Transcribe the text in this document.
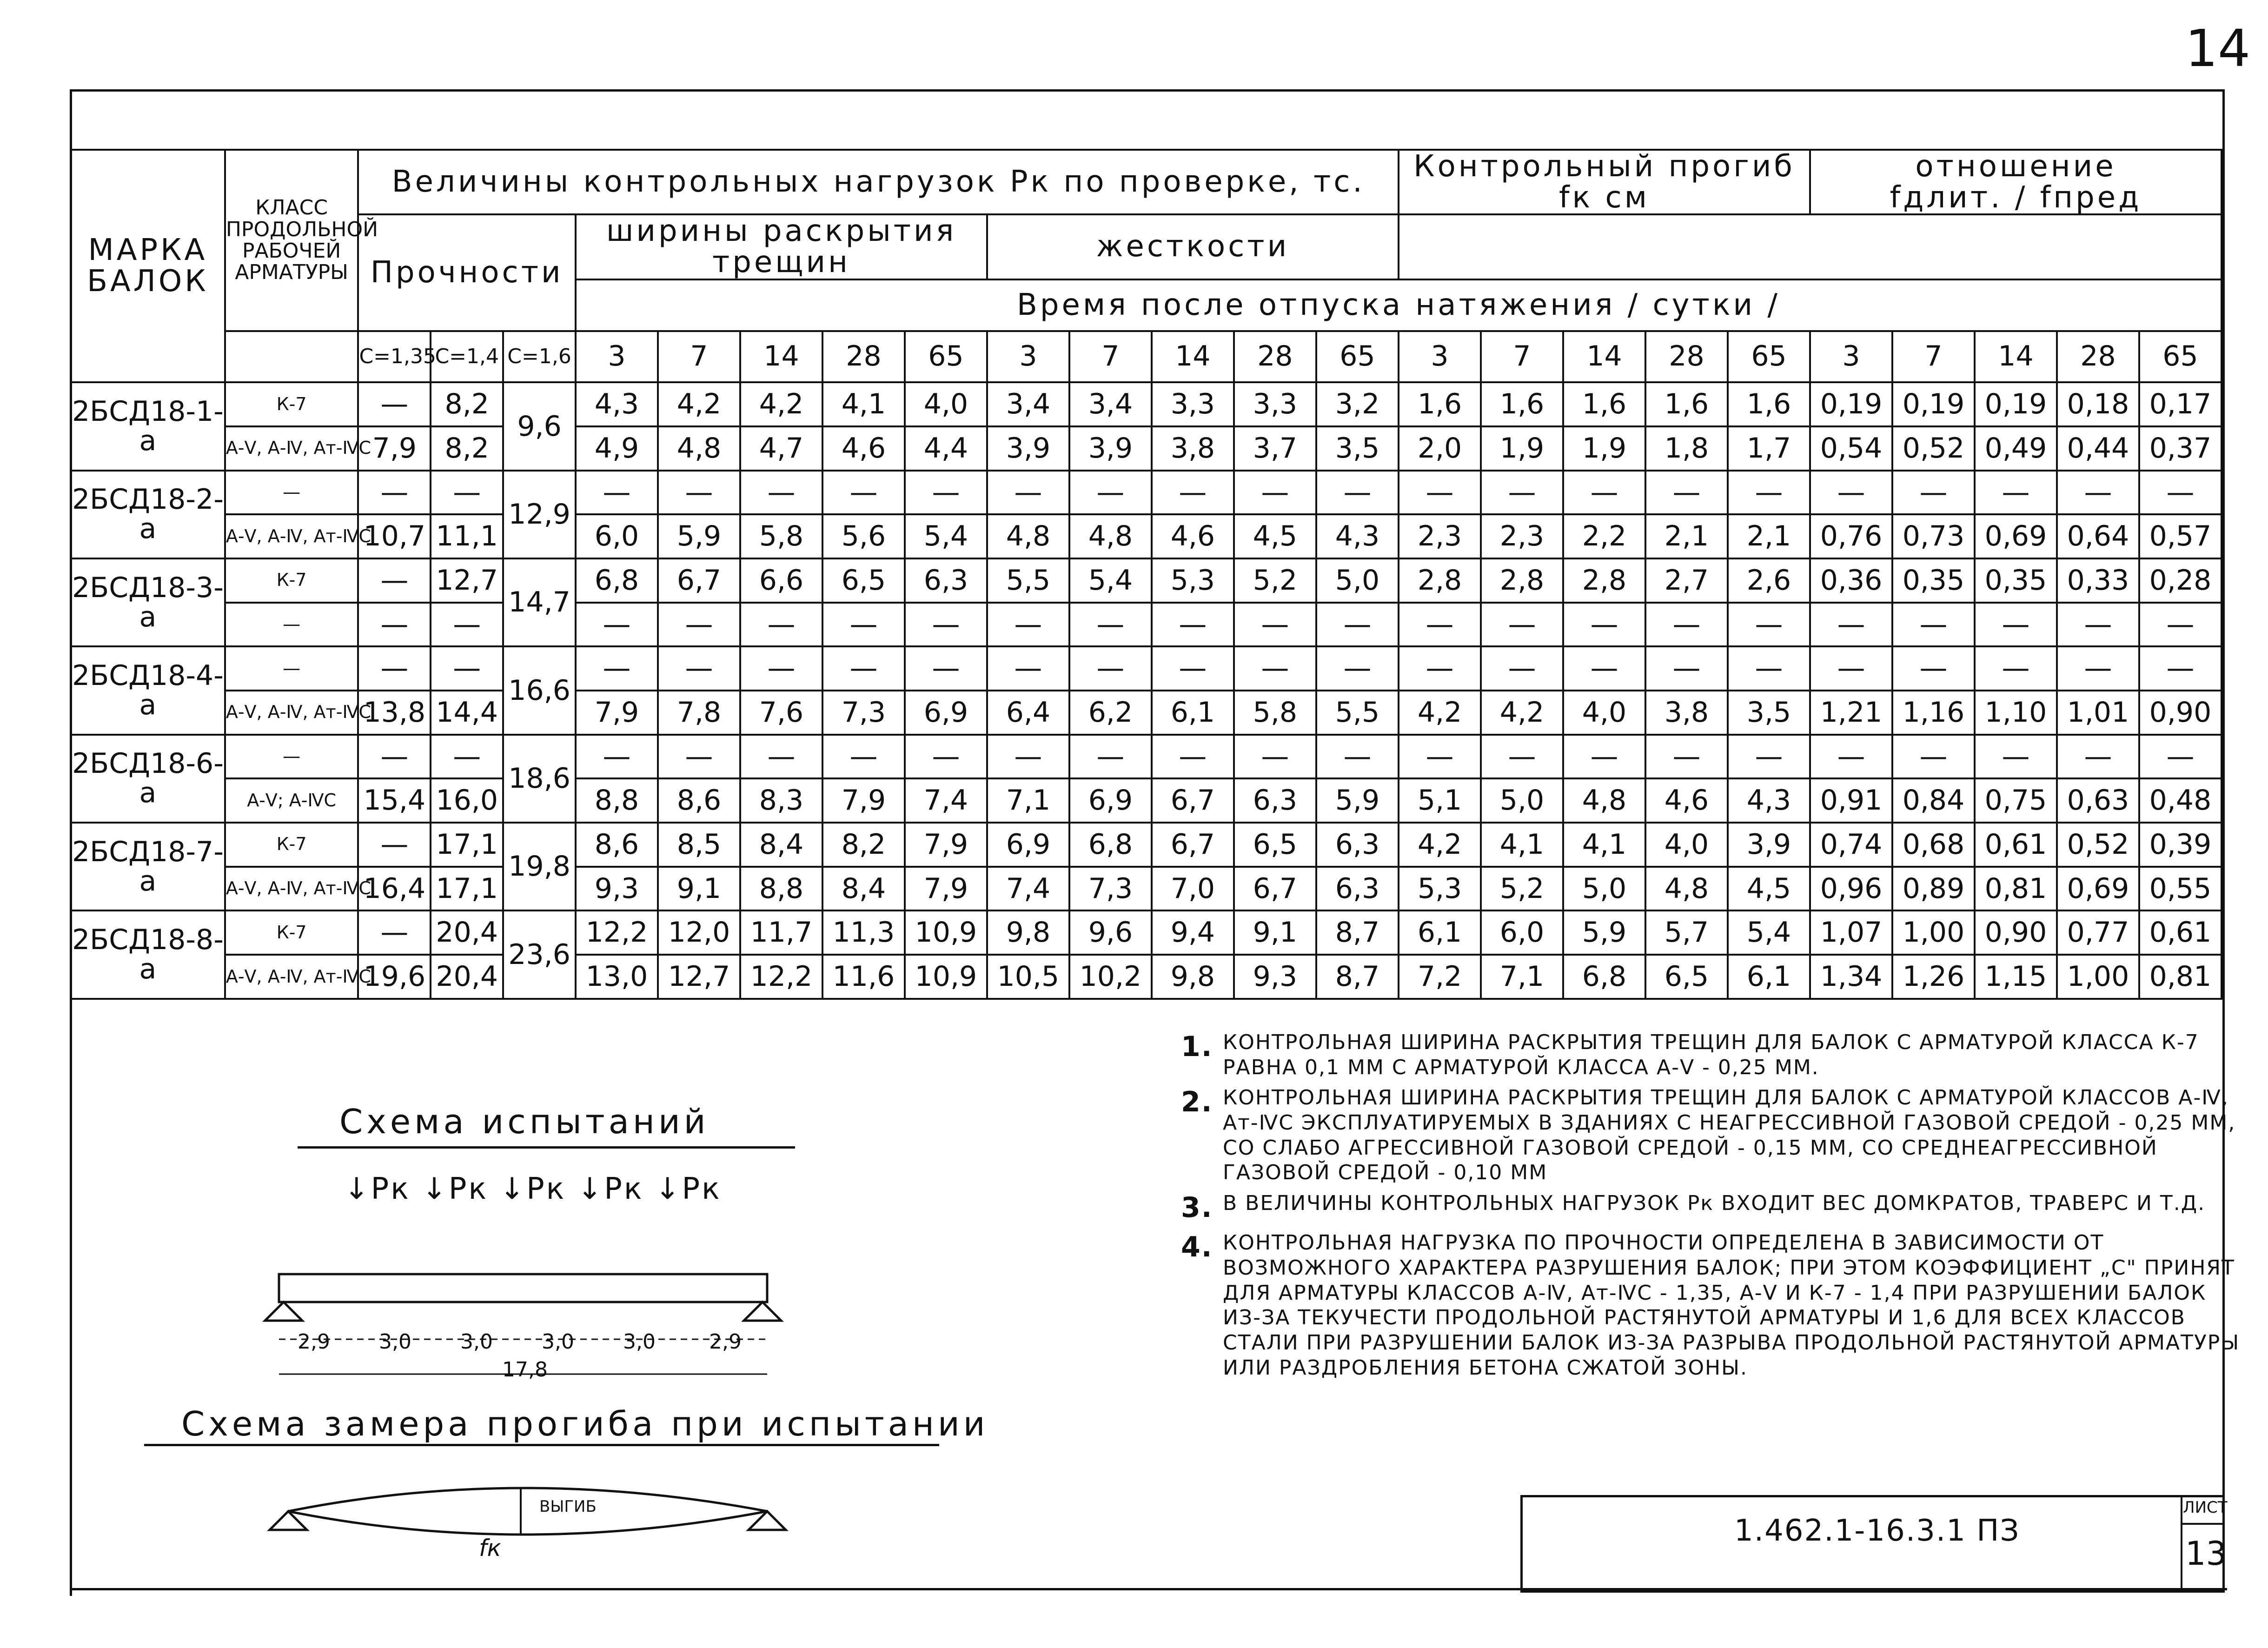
14
МАРКА БАЛОК	КЛАСС ПРОДОЛЬНОЙ РАБОЧЕЙ АРМАТУРЫ	Величины контрольных нагрузок Pк по проверке, тс.													Контрольный прогиб
fк см					отношение
fдлит. / fпред				
		Прочности			ширины раскрытия трещин					жесткости														
					Время после отпуска натяжения / сутки /																			
		C=1,35	C=1,4	C=1,6	3	7	14	28	65	3	7	14	28	65	3	7	14	28	65	3	7	14	28	65
2БСД18-1-а	К-7	—	8,2	9,6	4,3	4,2	4,2	4,1	4,0	3,4	3,4	3,3	3,3	3,2	1,6	1,6	1,6	1,6	1,6	0,19	0,19	0,19	0,18	0,17
	А-Ⅴ, А-Ⅳ, Ат-ⅣС	7,9	8,2		4,9	4,8	4,7	4,6	4,4	3,9	3,9	3,8	3,7	3,5	2,0	1,9	1,9	1,8	1,7	0,54	0,52	0,49	0,44	0,37
2БСД18-2-а	—	—	—	12,9	—	—	—	—	—	—	—	—	—	—	—	—	—	—	—	—	—	—	—	—
	А-Ⅴ, А-Ⅳ, Ат-ⅣС	10,7	11,1		6,0	5,9	5,8	5,6	5,4	4,8	4,8	4,6	4,5	4,3	2,3	2,3	2,2	2,1	2,1	0,76	0,73	0,69	0,64	0,57
2БСД18-3-а	К-7	—	12,7	14,7	6,8	6,7	6,6	6,5	6,3	5,5	5,4	5,3	5,2	5,0	2,8	2,8	2,8	2,7	2,6	0,36	0,35	0,35	0,33	0,28
	—	—	—		—	—	—	—	—	—	—	—	—	—	—	—	—	—	—	—	—	—	—	—
2БСД18-4-а	—	—	—	16,6	—	—	—	—	—	—	—	—	—	—	—	—	—	—	—	—	—	—	—	—
	А-Ⅴ, А-Ⅳ, Ат-ⅣС	13,8	14,4		7,9	7,8	7,6	7,3	6,9	6,4	6,2	6,1	5,8	5,5	4,2	4,2	4,0	3,8	3,5	1,21	1,16	1,10	1,01	0,90
2БСД18-6-а	—	—	—	18,6	—	—	—	—	—	—	—	—	—	—	—	—	—	—	—	—	—	—	—	—
	А-Ⅴ; А-ⅣС	15,4	16,0		8,8	8,6	8,3	7,9	7,4	7,1	6,9	6,7	6,3	5,9	5,1	5,0	4,8	4,6	4,3	0,91	0,84	0,75	0,63	0,48
2БСД18-7-а	К-7	—	17,1	19,8	8,6	8,5	8,4	8,2	7,9	6,9	6,8	6,7	6,5	6,3	4,2	4,1	4,1	4,0	3,9	0,74	0,68	0,61	0,52	0,39
	А-Ⅴ, А-Ⅳ, Ат-ⅣС	16,4	17,1		9,3	9,1	8,8	8,4	7,9	7,4	7,3	7,0	6,7	6,3	5,3	5,2	5,0	4,8	4,5	0,96	0,89	0,81	0,69	0,55
2БСД18-8-а	К-7	—	20,4	23,6	12,2	12,0	11,7	11,3	10,9	9,8	9,6	9,4	9,1	8,7	6,1	6,0	5,9	5,7	5,4	1,07	1,00	0,90	0,77	0,61
	А-Ⅴ, А-Ⅳ, Ат-ⅣС	19,6	20,4		13,0	12,7	12,2	11,6	10,9	10,5	10,2	9,8	9,3	8,7	7,2	7,1	6,8	6,5	6,1	1,34	1,26	1,15	1,00	0,81
1. КОНТРОЛЬНАЯ ШИРИНА РАСКРЫТИЯ ТРЕЩИН ДЛЯ БАЛОК С АРМАТУРОЙ КЛАССА К-7 РАВНА 0,1 ММ С АРМАТУРОЙ КЛАССА А-Ⅴ - 0,25 ММ.
2. КОНТРОЛЬНАЯ ШИРИНА РАСКРЫТИЯ ТРЕЩИН ДЛЯ БАЛОК С АРМАТУРОЙ КЛАССОВ А-Ⅳ, Ат-ⅣС ЭКСПЛУАТИРУЕМЫХ В ЗДАНИЯХ С НЕАГРЕССИВНОЙ ГАЗОВОЙ СРЕДОЙ - 0,25 ММ, СО СЛАБО АГРЕССИВНОЙ ГАЗОВОЙ СРЕДОЙ - 0,15 ММ, СО СРЕДНЕАГРЕССИВНОЙ ГАЗОВОЙ СРЕДОЙ - 0,10 ММ
3. В ВЕЛИЧИНЫ КОНТРОЛЬНЫХ НАГРУЗОК Pк ВХОДИТ ВЕС ДОМКРАТОВ, ТРАВЕРС И Т.Д.
4. КОНТРОЛЬНАЯ НАГРУЗКА ПО ПРОЧНОСТИ ОПРЕДЕЛЕНА В ЗАВИСИМОСТИ ОТ ВОЗМОЖНОГО ХАРАКТЕРА РАЗРУШЕНИЯ БАЛОК; ПРИ ЭТОМ КОЭФФИЦИЕНТ „С" ПРИНЯТ ДЛЯ АРМАТУРЫ КЛАССОВ А-Ⅳ, Ат-ⅣС - 1,35, А-Ⅴ И К-7 - 1,4 ПРИ РАЗРУШЕНИИ БАЛОК ИЗ-ЗА ТЕКУЧЕСТИ ПРОДОЛЬНОЙ РАСТЯНУТОЙ АРМАТУРЫ И 1,6 ДЛЯ ВСЕХ КЛАССОВ СТАЛИ ПРИ РАЗРУШЕНИИ БАЛОК ИЗ-ЗА РАЗРЫВА ПРОДОЛЬНОЙ РАСТЯНУТОЙ АРМАТУРЫ ИЛИ РАЗДРОБЛЕНИЯ БЕТОНА СЖАТОЙ ЗОНЫ.
Схема испытаний
↓Pк ↓Pк ↓Pк ↓Pк ↓Pк
2,9 3,0 3,0 3,0 3,0	2,9
17,8
Схема замера прогиба при испытании
ВЫГИБ
fк	1.462.1-16.3.1 ПЗ
ЛИСТ
13
